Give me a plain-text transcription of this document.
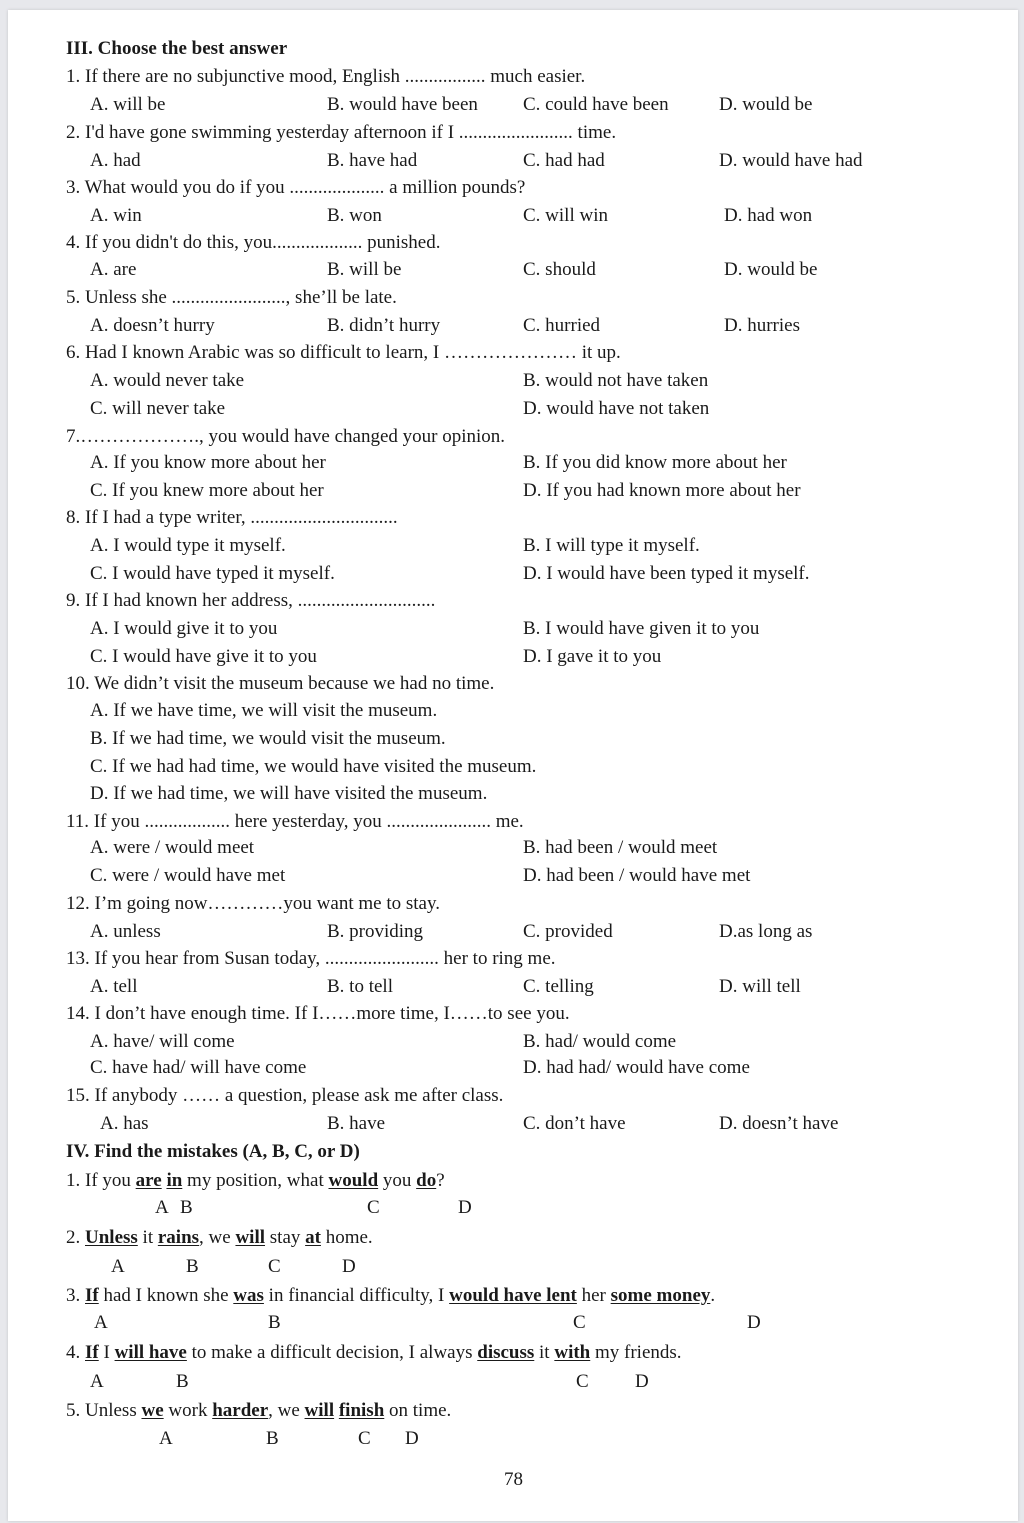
III. Choose the best answer
1. If there are no subjunctive mood, English ................. much easier.
A. will be	B. would have been C. could have been	D. would be
2. I'd have gone swimming yesterday afternoon if I ........................ time.
A. had	B. have had	C. had had	D. would have had
3. What would you do if you .................... a million pounds?
A. win	B. won	C. will win	D. had won
4. If you didn't do this, you................... punished.
A. are	B. will be	C. should	D. would be
5. Unless she ........................, she’ll be late.
A. doesn’t hurry	B. didn’t hurry	C. hurried	D. hurries
6. Had I known Arabic was so difficult to learn, I ………………… it up.
A. would never take	B. would not have taken
C. will never take	D. would have not taken
7.………………., you would have changed your opinion.
A. If you know more about her	B. If you did know more about her
C. If you knew more about her	D. If you had known more about her
8. If I had a type writer, ...............................
A. I would type it myself.	B. I will type it myself.
C. I would have typed it myself.	D. I would have been typed it myself.
9. If I had known her address, .............................
A. I would give it to you	B. I would have given it to you
C. I would have give it to you	D. I gave it to you
10. We didn’t visit the museum because we had no time.
A. If we have time, we will visit the museum.
B. If we had time, we would visit the museum.
C. If we had had time, we would have visited the museum.
D. If we had time, we will have visited the museum.
11. If you .................. here yesterday, you ...................... me.
A. were / would meet	B. had been / would meet
C. were / would have met	D. had been / would have met
12. I’m going now…………you want me to stay.
A. unless	B. providing	C. provided	D.as long as
13. If you hear from Susan today, ........................ her to ring me.
A. tell	B. to tell	C. telling	D. will tell
14. I don’t have enough time. If I……more time, I……to see you.
A. have/ will come	B. had/ would come
C. have had/ will have come	D. had had/ would have come
15. If anybody …… a question, please ask me after class.
A. has	B. have	C. don’t have	D. doesn’t have
IV. Find the mistakes (A, B, C, or D)
1. If you are in my position, what would you do?
A B	C	D
2. Unless it rains, we will stay at home.
A	B	C	D
3. If had I known she was in financial difficulty, I would have lent her some money.
A	B	C	D
4. If I will have to make a difficult decision, I always discuss it with my friends.
A	B	C D
5. Unless we work harder, we will finish on time.
A	B	C D
78
